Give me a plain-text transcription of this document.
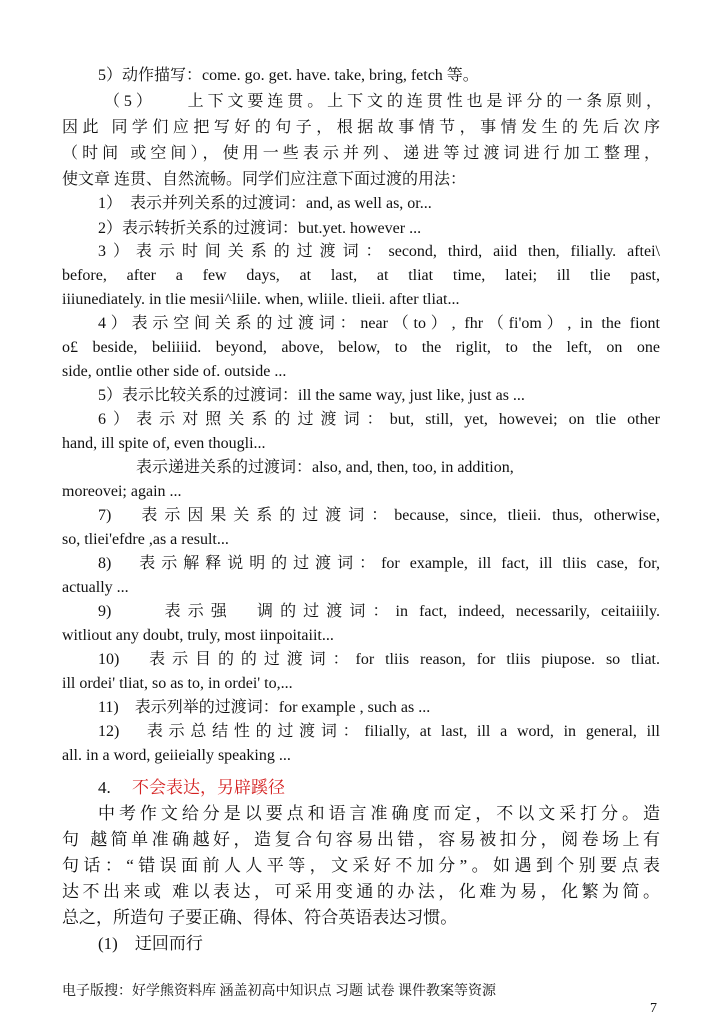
5）动作描写：come. go. get. have. take, bring, fetch 等。
（5）　　上下文要连贯。上下文的连贯性也是评分的一条原则，
因此 同学们应把写好的句子，根据故事情节，事情发生的先后次序
（时间 或空间），使用一些表示并列、递进等过渡词进行加工整理，
使文章 连贯、自然流畅。同学们应注意下面过渡的用法：
1）　表示并列关系的过渡词：and, as well as, or...
2）表示转折关系的过渡词：but.yet. however ...
3）表示时间关系的过渡词：second, third, aiid then, filially. aftei\
before, after a few days, at last, at tliat time, latei; ill tlie past,
iiiunediately. in tlie mesii^liile. when, wliile. tlieii. after tliat...
4）表示空间关系的过渡词：near（to）, fhr（fi'om）, in the fiont
o£ beside, beliiiid. beyond, above, below, to the riglit, to the left, on one
side, ontlie other side of. outside ...
5）表示比较关系的过渡词：ill the same way, just like, just as ...
6）表示对照关系的过渡词：but, still, yet, howevei; on tlie other
hand, ill spite of, even thougli...
表示递进关系的过渡词：also, and, then, too, in addition,
moreovei; again ...
7)　表示因果关系的过渡词：because, since, tlieii. thus, otherwise,
so, tliei'efdre ,as a result...
8)　表示解释说明的过渡词：for example, ill fact, ill tliis case, for,
actually ...
9)　　表示强　调的过渡词：in fact, indeed, necessarily, ceitaiiily.
witliout any doubt, truly, most iinpoitaiit...
10)　表示目的的过渡词：for tliis reason, for tliis piupose. so tliat.
ill ordei' tliat, so as to, in ordei' to,...
11)　表示列举的过渡词：for example , such as ...
12)　表示总结性的过渡词：filially, at last, ill a word, in general, ill
all. in a word, geiieially speaking ...
4. 不会表达，另辟蹊径
中考作文给分是以要点和语言准确度而定，不以文采打分。造
句 越简单准确越好，造复合句容易出错，容易被扣分，阅卷场上有
句话：“错误面前人人平等，文采好不加分”。如遇到个别要点表
达不出来或 难以表达，可采用变通的办法，化难为易，化繁为简。
总之，所造句 子要正确、得体、符合英语表达习惯。
(1)　迂回而行
电子版搜：好学熊资料库 涵盖初高中知识点 习题 试卷 课件教案等资源
7
